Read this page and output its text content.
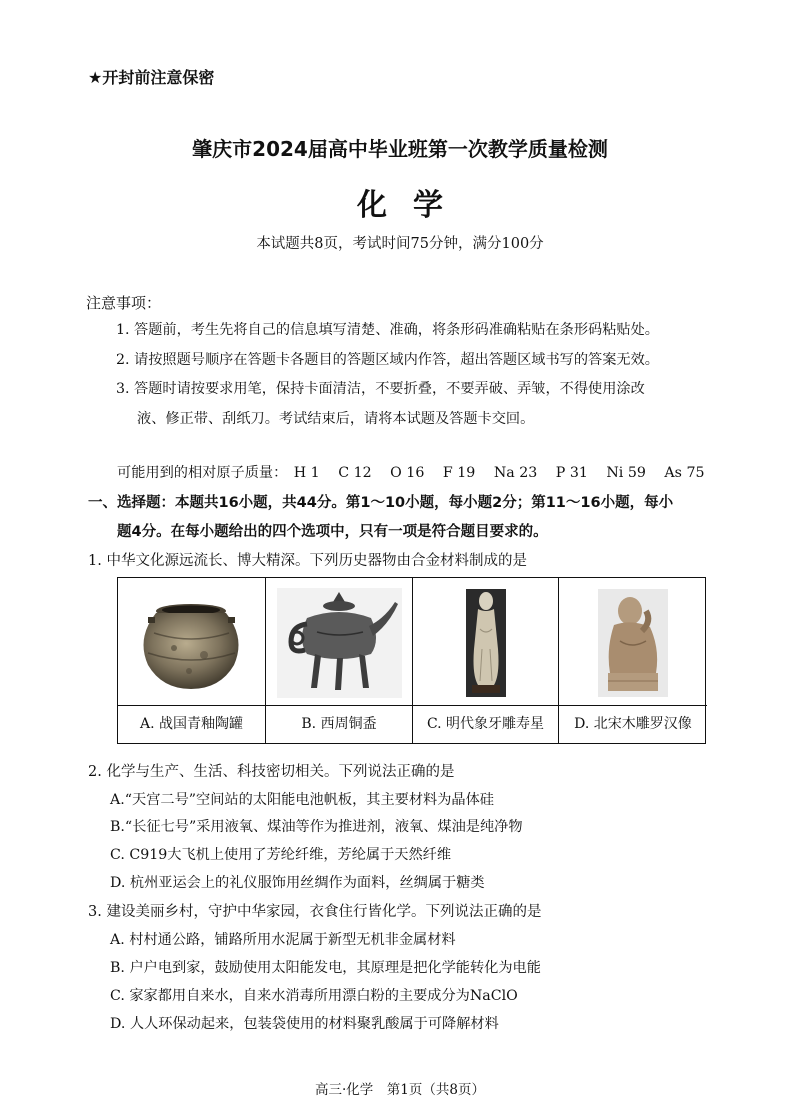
★开封前注意保密
肇庆市2024届高中毕业班第一次教学质量检测
化学
本试题共8页，考试时间75分钟，满分100分
注意事项：
1. 答题前，考生先将自己的信息填写清楚、准确，将条形码准确粘贴在条形码粘贴处。
2. 请按照题号顺序在答题卡各题目的答题区域内作答，超出答题区域书写的答案无效。
3. 答题时请按要求用笔，保持卡面清洁，不要折叠，不要弄破、弄皱，不得使用涂改
液、修正带、刮纸刀。考试结束后，请将本试题及答题卡交回。
可能用到的相对原子质量： H 1 C 12 O 16 F 19 Na 23 P 31 Ni 59 As 75
一、选择题：本题共16小题，共44分。第1～10小题，每小题2分；第11～16小题，每小
题4分。在每小题给出的四个选项中，只有一项是符合题目要求的。
1. 中华文化源远流长、博大精深。下列历史器物由合金材料制成的是
A. 战国青釉陶罐	B. 西周铜盉	C. 明代象牙雕寿星	D. 北宋木雕罗汉像
2. 化学与生产、生活、科技密切相关。下列说法正确的是
A.“天宫二号”空间站的太阳能电池帆板，其主要材料为晶体硅
B.“长征七号”采用液氧、煤油等作为推进剂，液氧、煤油是纯净物
C. C919大飞机上使用了芳纶纤维，芳纶属于天然纤维
D. 杭州亚运会上的礼仪服饰用丝绸作为面料，丝绸属于糖类
3. 建设美丽乡村，守护中华家园，衣食住行皆化学。下列说法正确的是
A. 村村通公路，铺路所用水泥属于新型无机非金属材料
B. 户户电到家，鼓励使用太阳能发电，其原理是把化学能转化为电能
C. 家家都用自来水，自来水消毒所用漂白粉的主要成分为NaClO
D. 人人环保动起来，包装袋使用的材料聚乳酸属于可降解材料
高三·化学　第1页（共8页）
